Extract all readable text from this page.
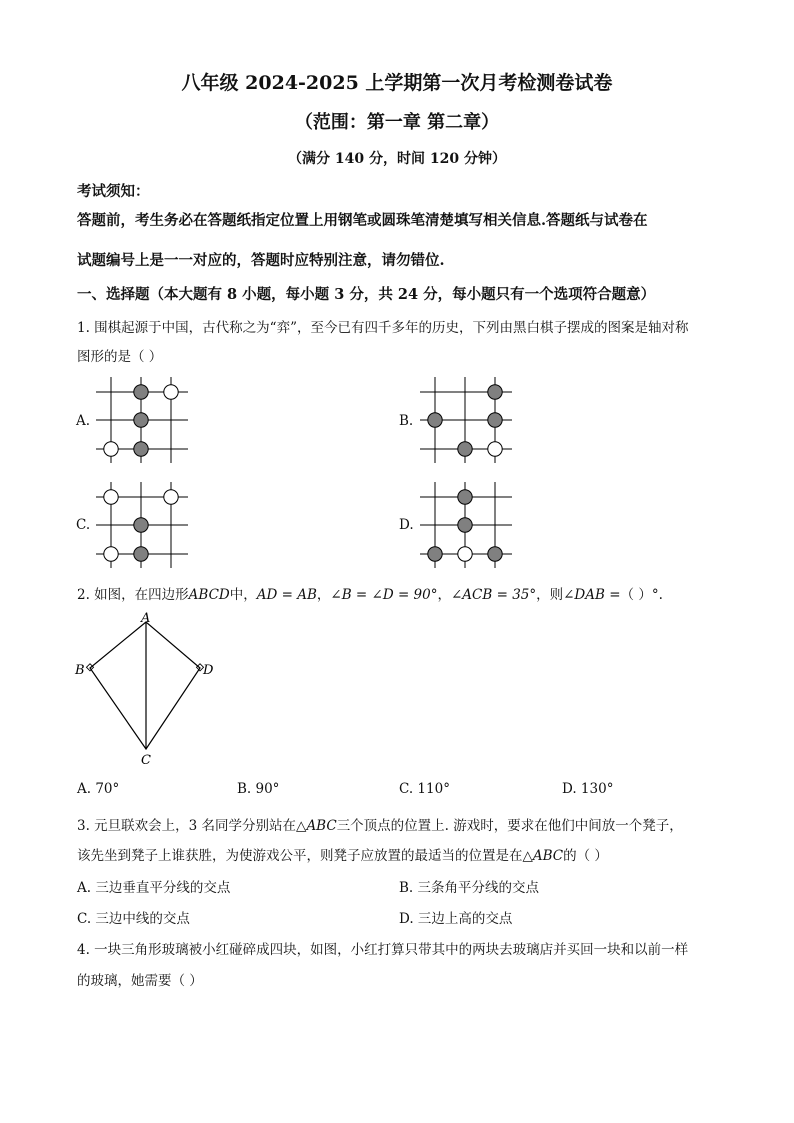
八年级 2024-2025 上学期第一次月考检测卷试卷
（范围：第一章 第二章）
（满分 140 分，时间 120 分钟）
考试须知：
答题前，考生务必在答题纸指定位置上用钢笔或圆珠笔清楚填写相关信息.答题纸与试卷在
试题编号上是一一对应的，答题时应特别注意，请勿错位.
一、选择题（本大题有 8 小题，每小题 3 分，共 24 分，每小题只有一个选项符合题意）
1. 围棋起源于中国，古代称之为“弈”，至今已有四千多年的历史，下列由黑白棋子摆成的图案是轴对称
图形的是（ ）
A.	B.
C.	D.
2. 如图，在四边形ABCD中，AD = AB，∠B = ∠D = 90°，∠ACB = 35°，则∠DAB =（ ）°.
A
B
C
D
A. 70°	B. 90°	C. 110°	D. 130°
3. 元旦联欢会上，3 名同学分别站在△ABC三个顶点的位置上. 游戏时，要求在他们中间放一个凳子，
该先坐到凳子上谁获胜，为使游戏公平，则凳子应放置的最适当的位置是在△ABC的（ ）
A. 三边垂直平分线的交点	B. 三条角平分线的交点
C. 三边中线的交点	D. 三边上高的交点
4. 一块三角形玻璃被小红碰碎成四块，如图，小红打算只带其中的两块去玻璃店并买回一块和以前一样
的玻璃，她需要（ ）
